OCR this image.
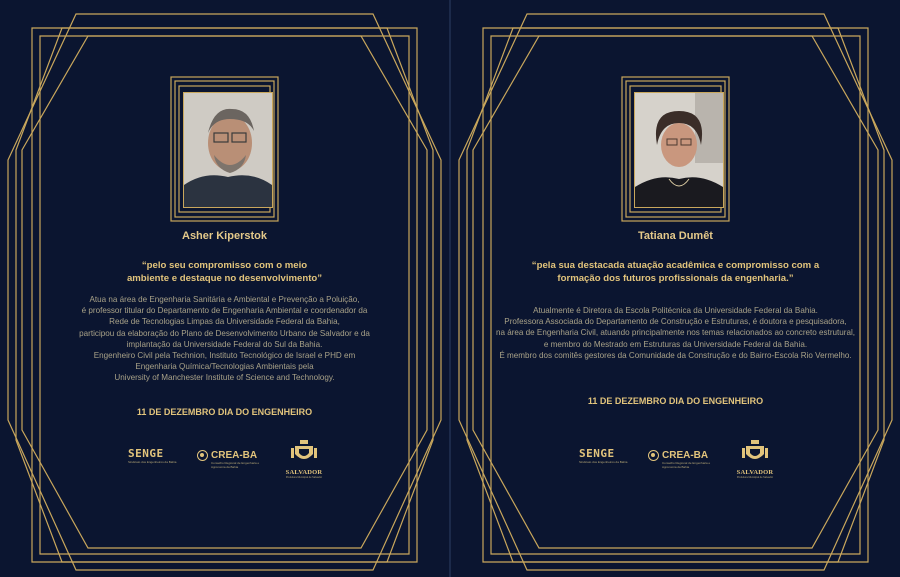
Asher Kiperstok
“pelo seu compromisso com o meio
ambiente e destaque no desenvolvimento”
Atua na área de Engenharia Sanitária e Ambiental e Prevenção a Poluição,
é professor titular do Departamento de Engenharia Ambiental e coordenador da
Rede de Tecnologias Limpas da Universidade Federal da Bahia,
participou da elaboração do Plano de Desenvolvimento Urbano de Salvador e da
implantação da Universidade Federal do Sul da Bahia.
Engenheiro Civil pela Technion, Instituto Tecnológico de Israel e PHD em
Engenharia Química/Tecnologias Ambientais pela
University of Manchester Institute of Science and Technology.
11 DE DEZEMBRO DIA DO ENGENHEIRO
SENGE
Sindicato dos Engenheiros da Bahia
CREA-BA
Conselho Regional de Engenharia e Agronomia da Bahia
SALVADOR
Prefeitura Municipal de Salvador
Tatiana Dumêt
“pela sua destacada atuação acadêmica e compromisso com a
formação dos futuros profissionais da engenharia.”
Atualmente é Diretora da Escola Politécnica da Universidade Federal da Bahia.
Professora Associada do Departamento de Construção e Estruturas, é doutora e pesquisadora,
na área de Engenharia Civil, atuando principalmente nos temas relacionados ao concreto estrutural,
e membro do Mestrado em Estruturas da Universidade Federal da Bahia.
É membro dos comitês gestores da Comunidade da Construção e do Bairro-Escola Rio Vermelho.
11 DE DEZEMBRO DIA DO ENGENHEIRO
SENGE
Sindicato dos Engenheiros da Bahia
CREA-BA
Conselho Regional de Engenharia e Agronomia da Bahia
SALVADOR
Prefeitura Municipal de Salvador
